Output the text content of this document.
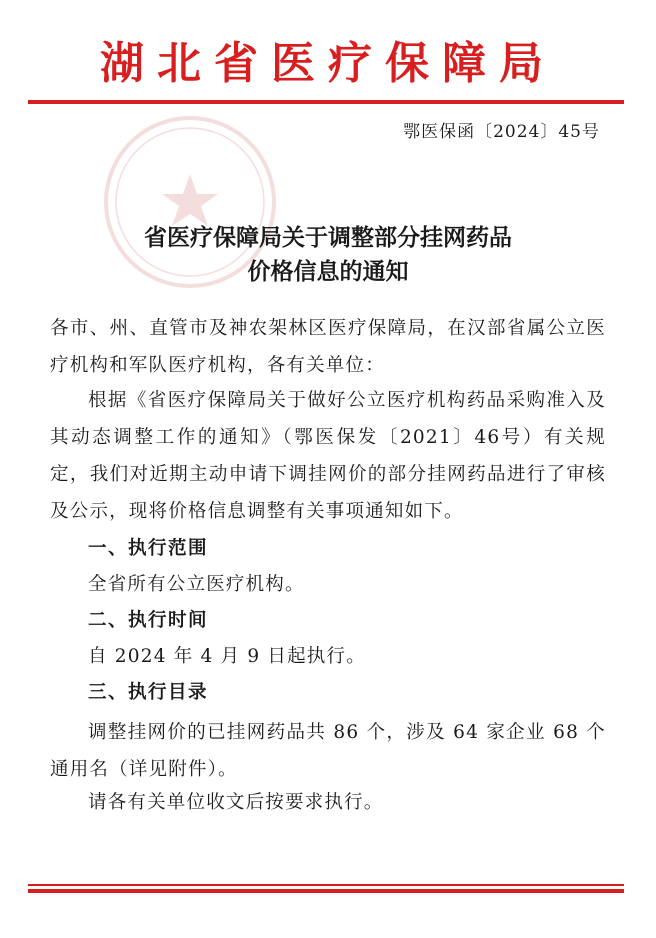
湖北省医疗保障局
鄂医保函〔2024〕45号
省医疗保障局关于调整部分挂网药品
价格信息的通知

各市、州、直管市及神农架林区医疗保障局，在汉部省属公立医疗机构和军队医疗机构，各有关单位：

根据《省医疗保障局关于做好公立医疗机构药品采购准入及其动态调整工作的通知》（鄂医保发〔2021〕46号）有关规定，我们对近期主动申请下调挂网价的部分挂网药品进行了审核及公示，现将价格信息调整有关事项通知如下。

一、执行范围
全省所有公立医疗机构。
二、执行时间
自 2024 年 4 月 9 日起执行。
三、执行目录

调整挂网价的已挂网药品共 86 个，涉及 64 家企业 68 个通用名（详见附件）。

请各有关单位收文后按要求执行。
